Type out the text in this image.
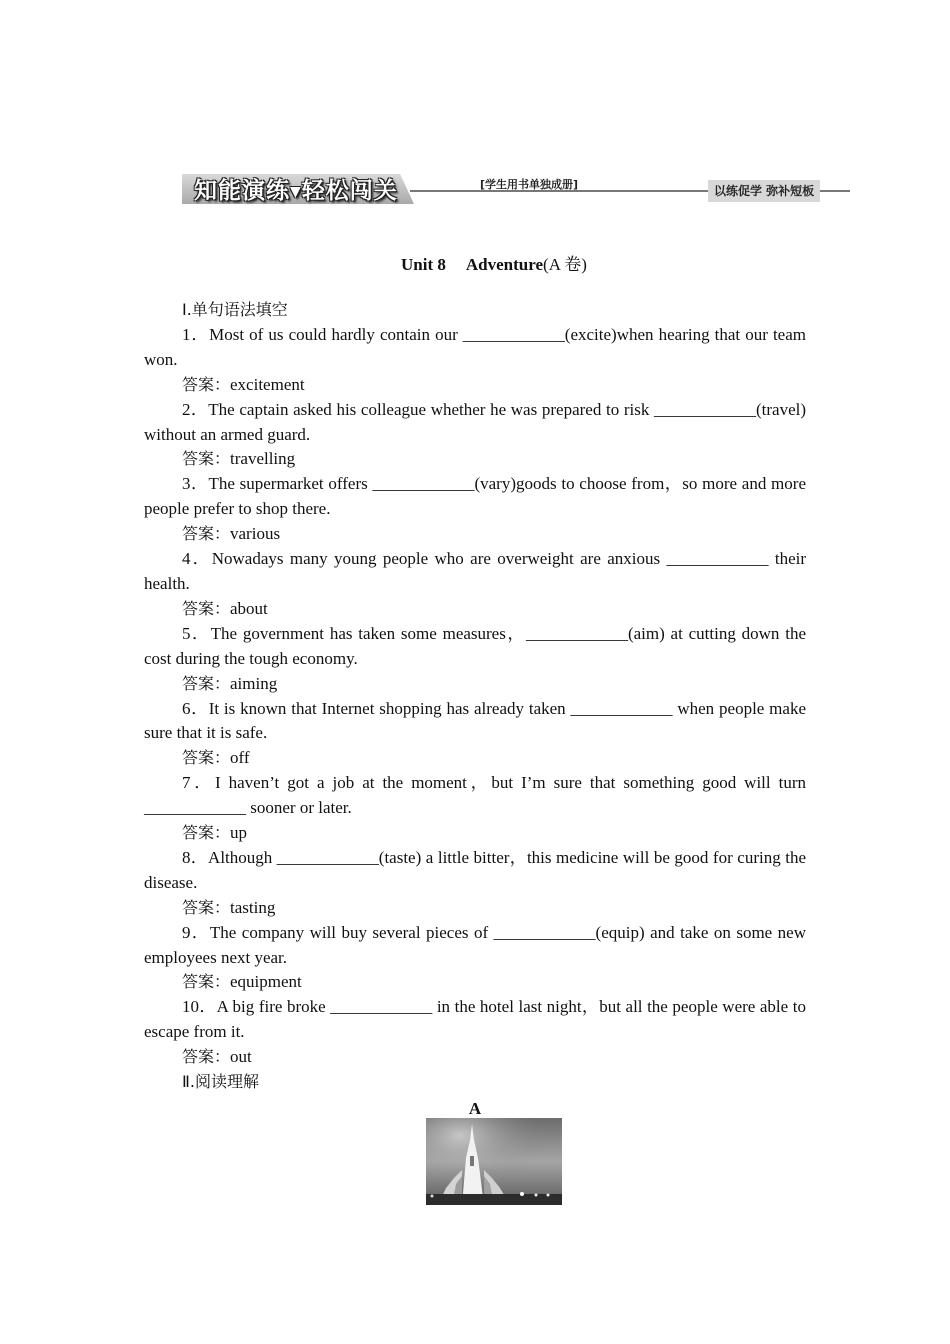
知能演练▼轻松闯关	[学生用书单独成册]	以练促学 弥补短板
Unit 8 Adventure(A 卷)
Ⅰ.单句语法填空
1．Most of us could hardly contain our ____________(excite)when hearing that our team won.
答案：excitement
2．The captain asked his colleague whether he was prepared to risk ____________(travel) without an armed guard.
答案：travelling
3．The supermarket offers ____________(vary)goods to choose from，so more and more people prefer to shop there.
答案：various
4．Nowadays many young people who are overweight are anxious ____________ their health.
答案：about
5．The government has taken some measures，____________(aim) at cutting down the cost during the tough economy.
答案：aiming
6．It is known that Internet shopping has already taken ____________ when people make sure that it is safe.
答案：off
7．I haven’t got a job at the moment，but I’m sure that something good will turn ____________ sooner or later.
答案：up
8．Although ____________(taste) a little bitter，this medicine will be good for curing the disease.
答案：tasting
9．The company will buy several pieces of ____________(equip) and take on some new employees next year.
答案：equipment
10．A big fire broke ____________ in the hotel last night，but all the people were able to escape from it.
答案：out
Ⅱ.阅读理解
A
